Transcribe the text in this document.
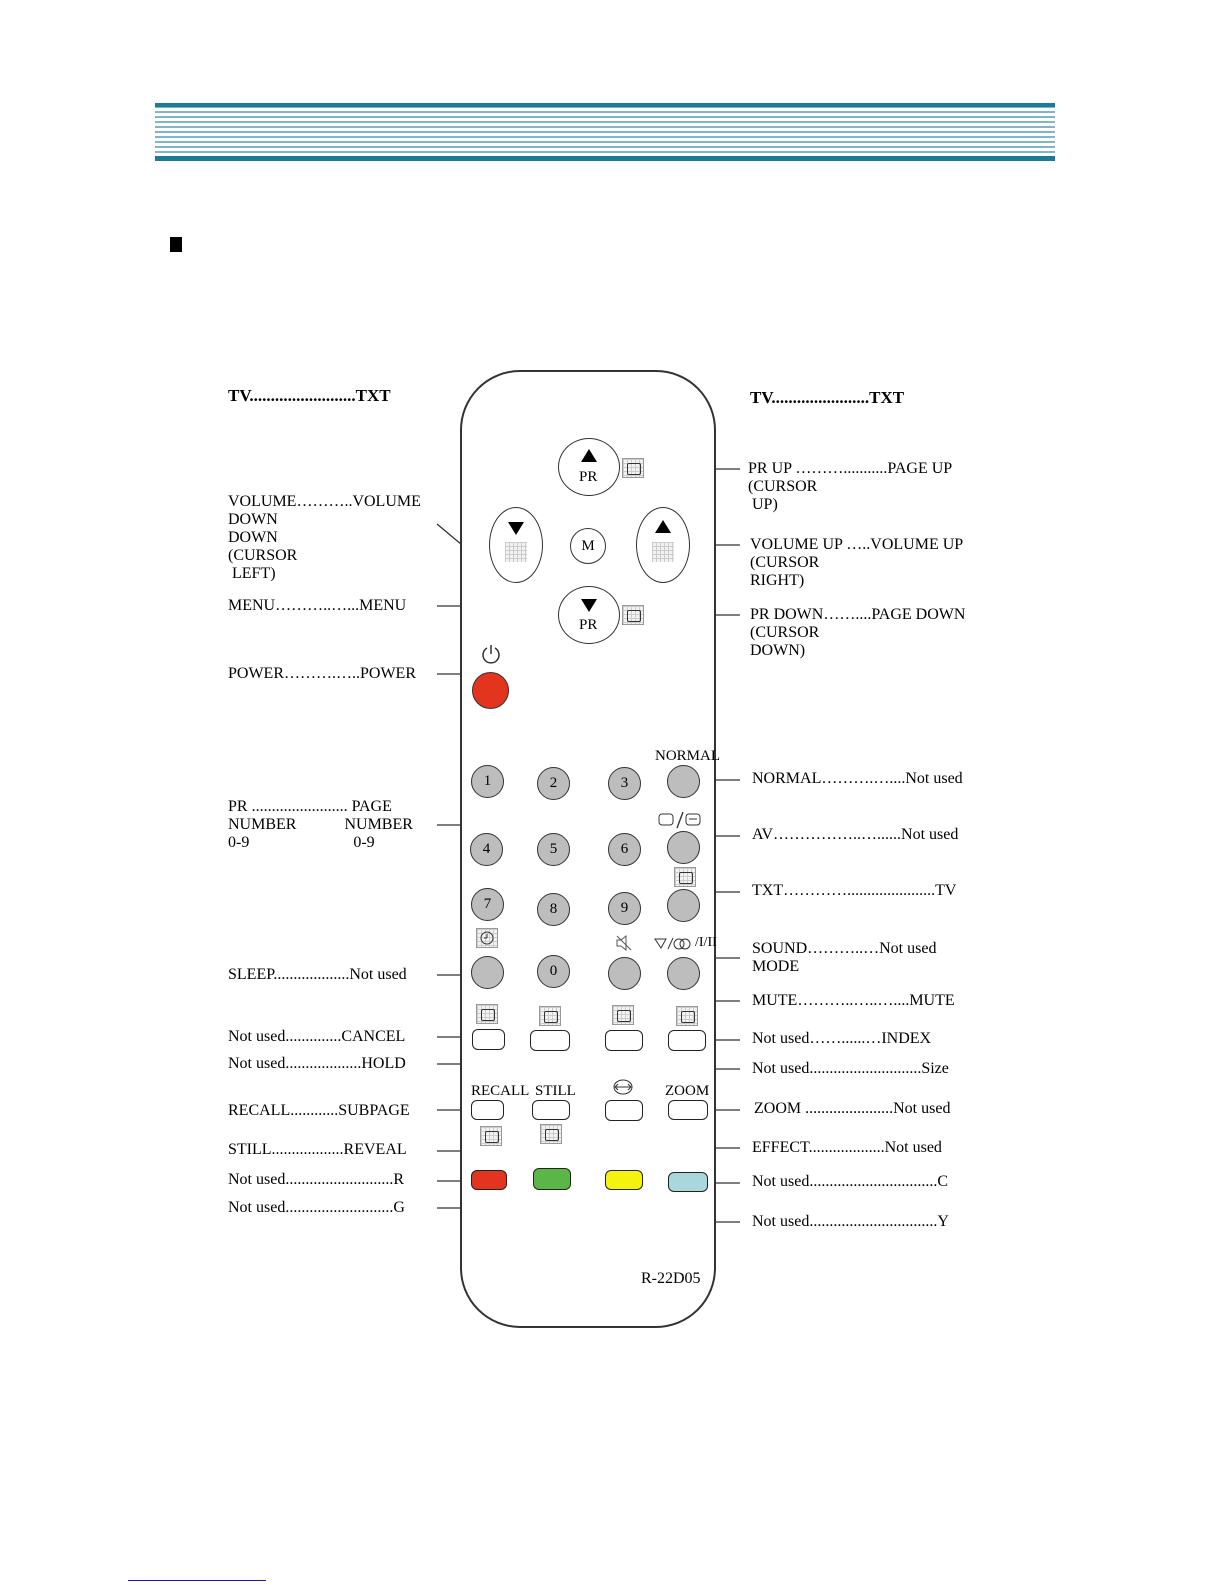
TV.........................TXT	TV.......................TXT
VOLUME………..VOLUME
DOWN
DOWN
(CURSOR
LEFT)
MENU………..…...MENU
POWER……….…..POWER
PR ........................ PAGE
NUMBER            NUMBER
0-9                          0-9
SLEEP...................Not used
Not used..............CANCEL
Not used...................HOLD
RECALL............SUBPAGE
STILL..................REVEAL
Not used...........................R
Not used...........................G
PR UP ………...........PAGE UP
(CURSOR
UP)
VOLUME UP …..VOLUME UP
(CURSOR
RIGHT)
PR DOWN……....PAGE DOWN
(CURSOR
DOWN)
NORMAL……….…....Not used
AV……………..…......Not used
TXT…………......................TV
SOUND………..…Not used
MODE
MUTE………..…..…....MUTE
Not used……......…INDEX
Not used............................Size
ZOOM ......................Not used
EFFECT...................Not used
Not used................................C
Not used................................Y
PR
PR
M
1	2	3
4	5	6
7	8	9
0
NORMAL
/I/II
RECALL STILL	ZOOM
R-22D05
